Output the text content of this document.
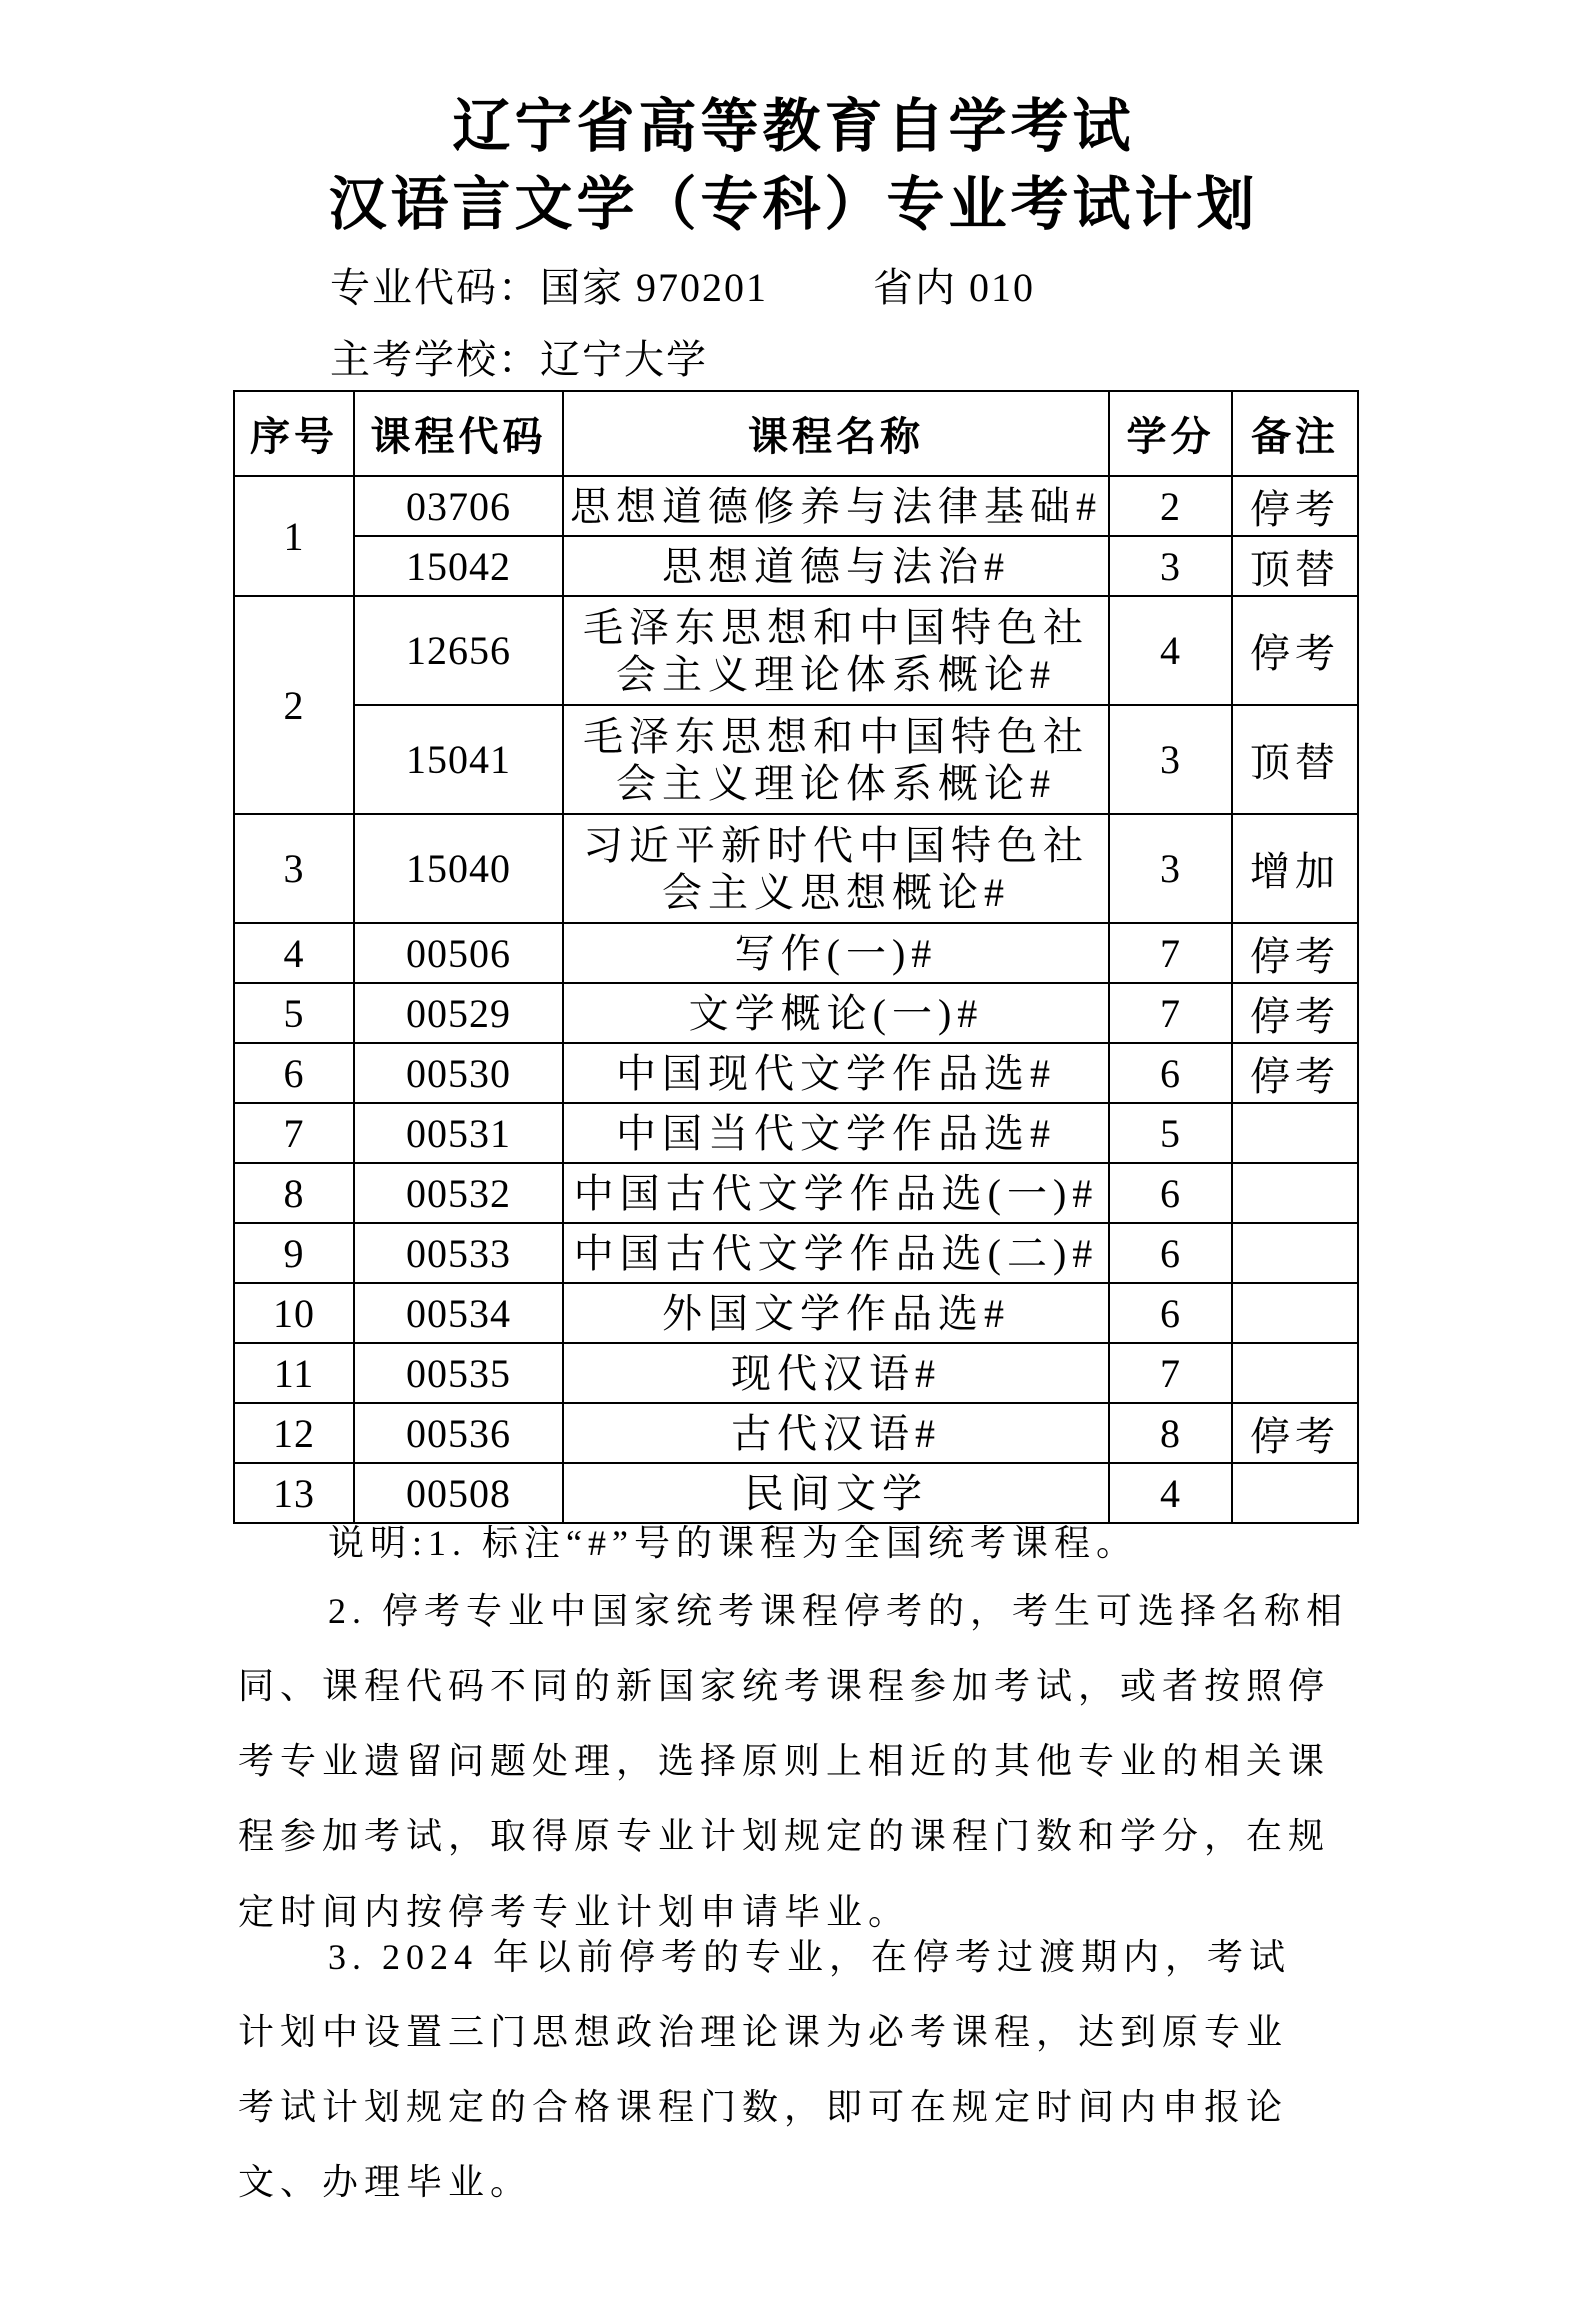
辽宁省高等教育自学考试
汉语言文学（专科）专业考试计划
专业代码：国家 970201	省内 010
主考学校：辽宁大学
序号	课程代码	课程名称	学分	备注
1	03706	思想道德修养与法律基础#	2	停考
	15042	思想道德与法治#	3	顶替
2	12656	毛泽东思想和中国特色社会主义理论体系概论#	4	停考
	15041	毛泽东思想和中国特色社会主义理论体系概论#	3	顶替
3	15040	习近平新时代中国特色社会主义思想概论#	3	增加
4	00506	写作(一)#	7	停考
5	00529	文学概论(一)#	7	停考
6	00530	中国现代文学作品选#	6	停考
7	00531	中国当代文学作品选#	5	
8	00532	中国古代文学作品选(一)#	6	
9	00533	中国古代文学作品选(二)#	6	
10	00534	外国文学作品选#	6	
11	00535	现代汉语#	7	
12	00536	古代汉语#	8	停考
13	00508	民间文学	4	
说明:1. 标注“#”号的课程为全国统考课程。
2. 停考专业中国家统考课程停考的，考生可选择名称相
同、课程代码不同的新国家统考课程参加考试，或者按照停
考专业遗留问题处理，选择原则上相近的其他专业的相关课
程参加考试，取得原专业计划规定的课程门数和学分，在规
定时间内按停考专业计划申请毕业。
3. 2024 年以前停考的专业，在停考过渡期内，考试
计划中设置三门思想政治理论课为必考课程，达到原专业
考试计划规定的合格课程门数，即可在规定时间内申报论
文、办理毕业。
